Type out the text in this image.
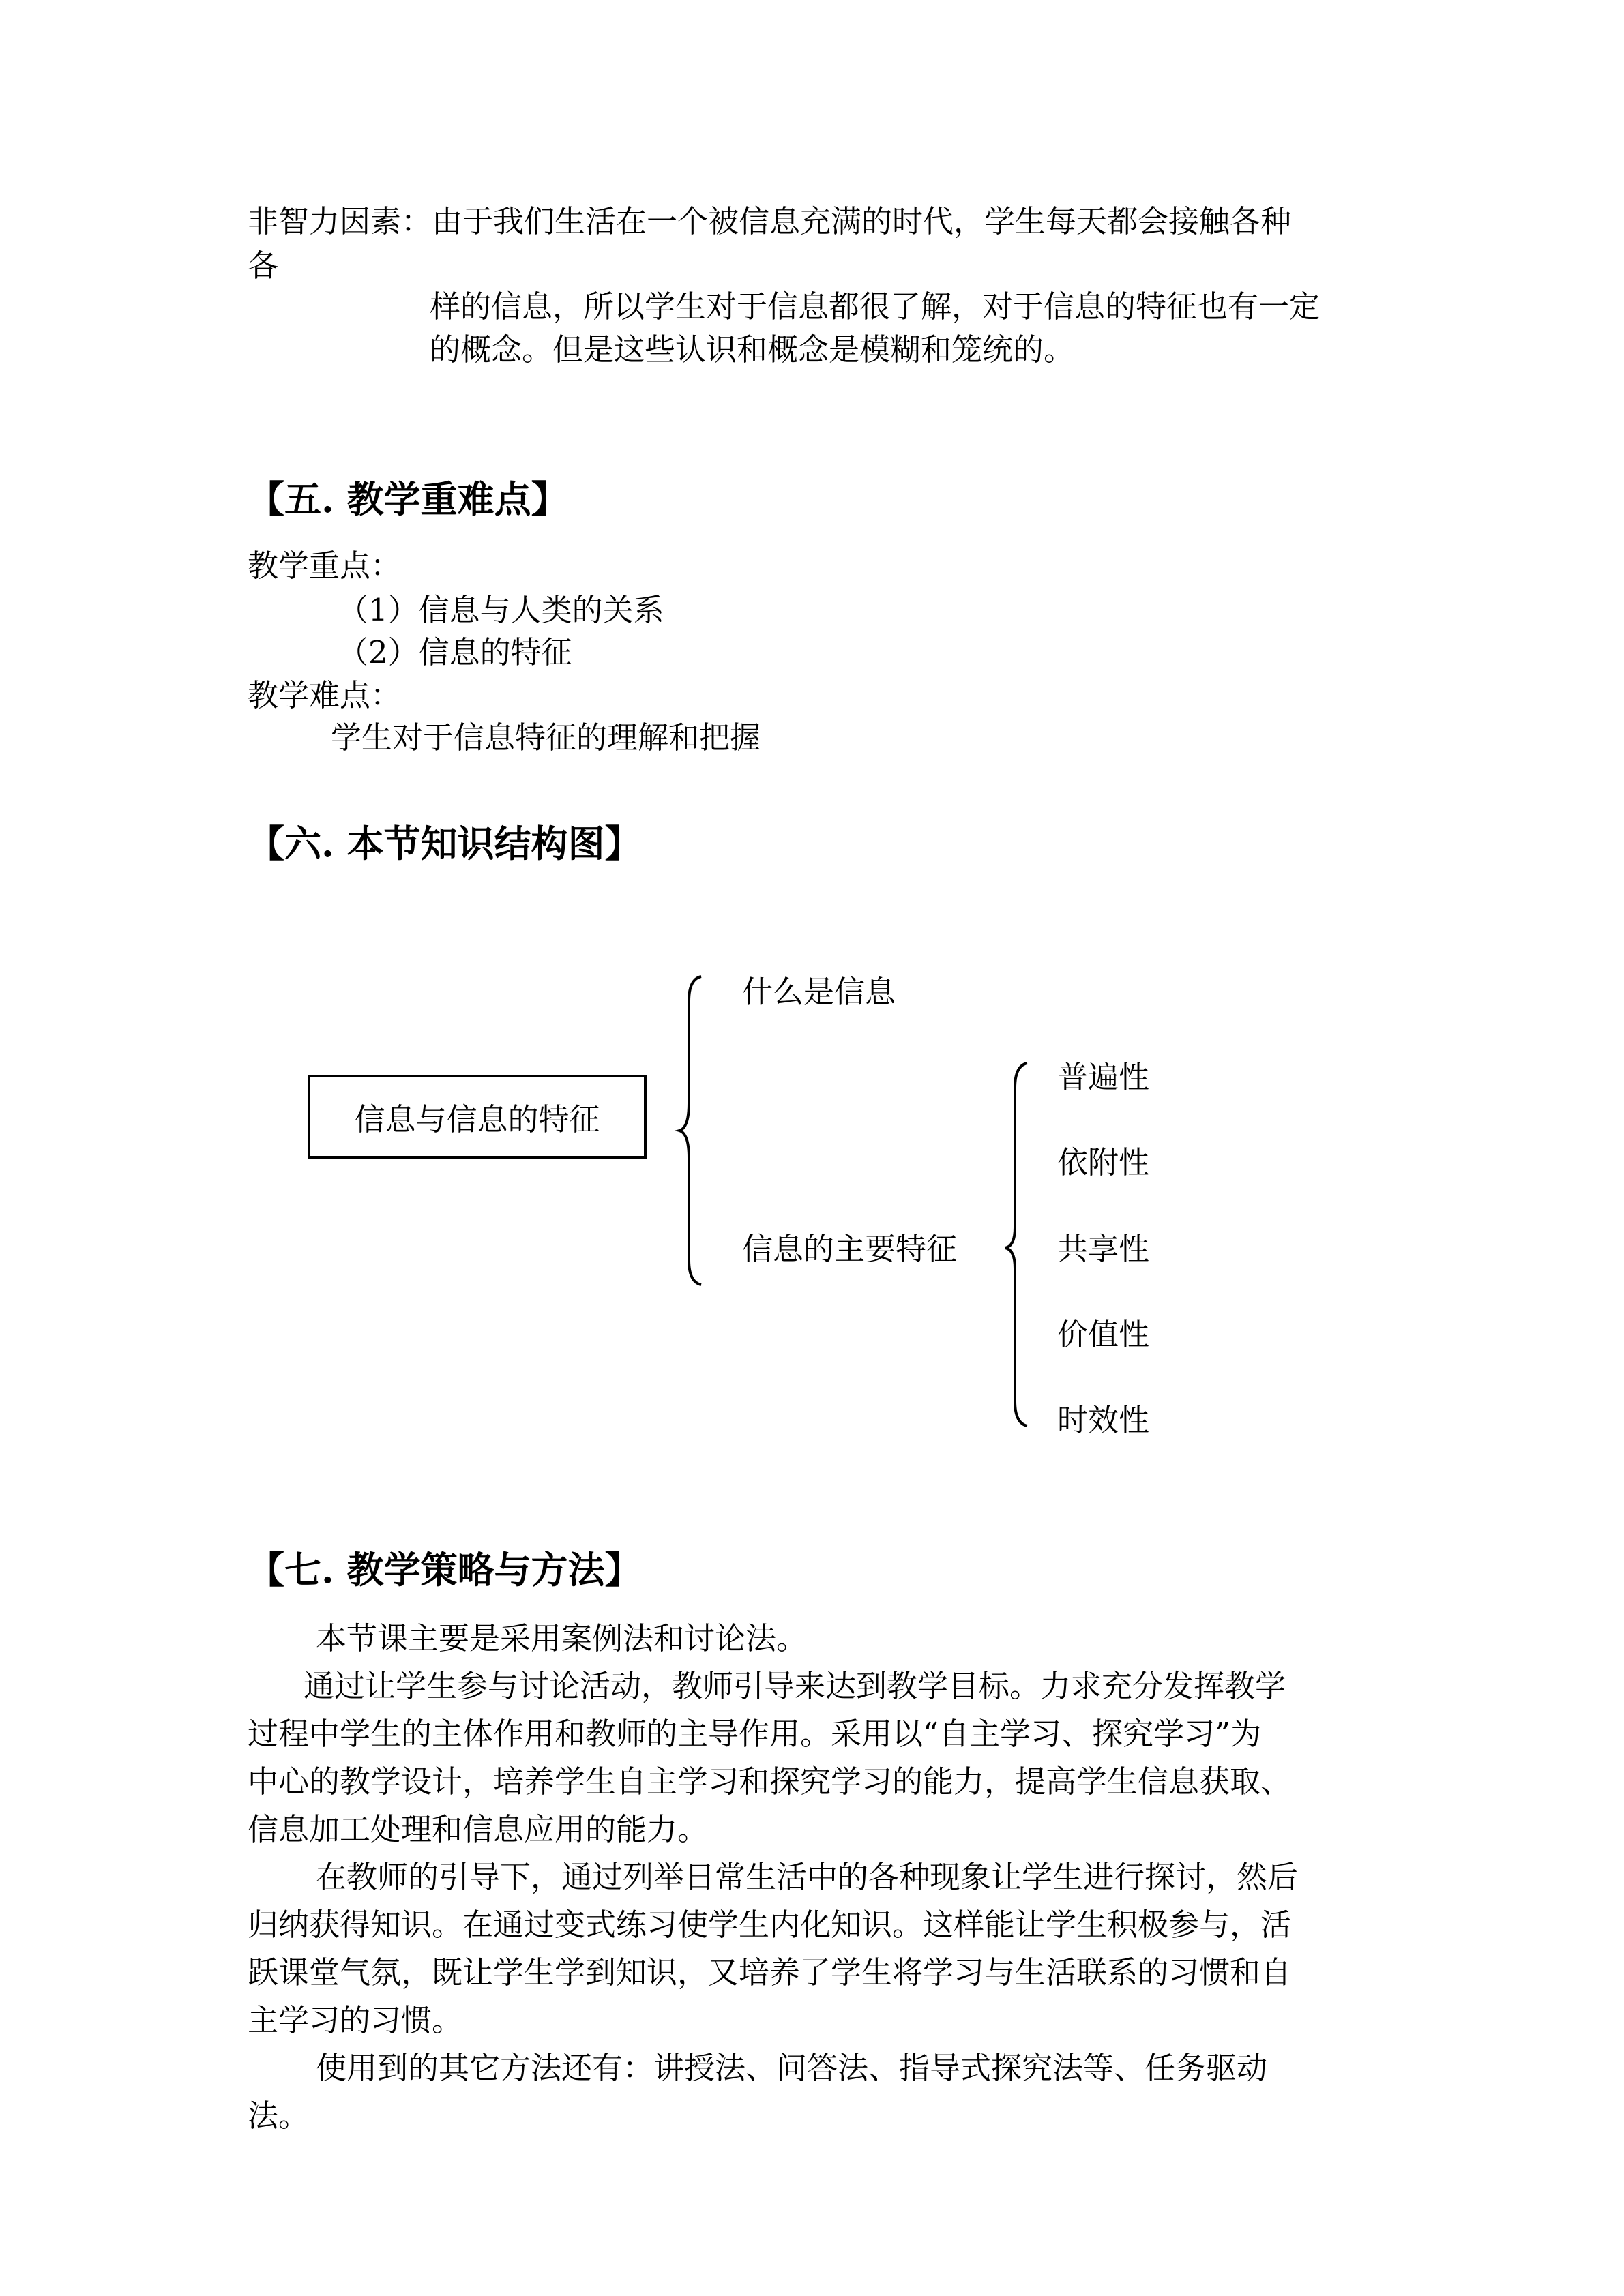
非智力因素：由于我们生活在一个被信息充满的时代，学生每天都会接触各种
各
样的信息，所以学生对于信息都很了解，对于信息的特征也有一定
的概念。但是这些认识和概念是模糊和笼统的。
【五. 教学重难点】
教学重点：
（1）信息与人类的关系
（2）信息的特征
教学难点：
学生对于信息特征的理解和把握
【六. 本节知识结构图】
信息与信息的特征
什么是信息
信息的主要特征
普遍性
依附性
共享性
价值性
时效性
【七. 教学策略与方法】
本节课主要是采用案例法和讨论法。
通过让学生参与讨论活动，教师引导来达到教学目标。力求充分发挥教学
过程中学生的主体作用和教师的主导作用。采用以“自主学习、探究学习”为
中心的教学设计，培养学生自主学习和探究学习的能力，提高学生信息获取、
信息加工处理和信息应用的能力。
在教师的引导下，通过列举日常生活中的各种现象让学生进行探讨，然后
归纳获得知识。在通过变式练习使学生内化知识。这样能让学生积极参与，活
跃课堂气氛，既让学生学到知识，又培养了学生将学习与生活联系的习惯和自
主学习的习惯。
使用到的其它方法还有：讲授法、问答法、指导式探究法等、任务驱动
法。
